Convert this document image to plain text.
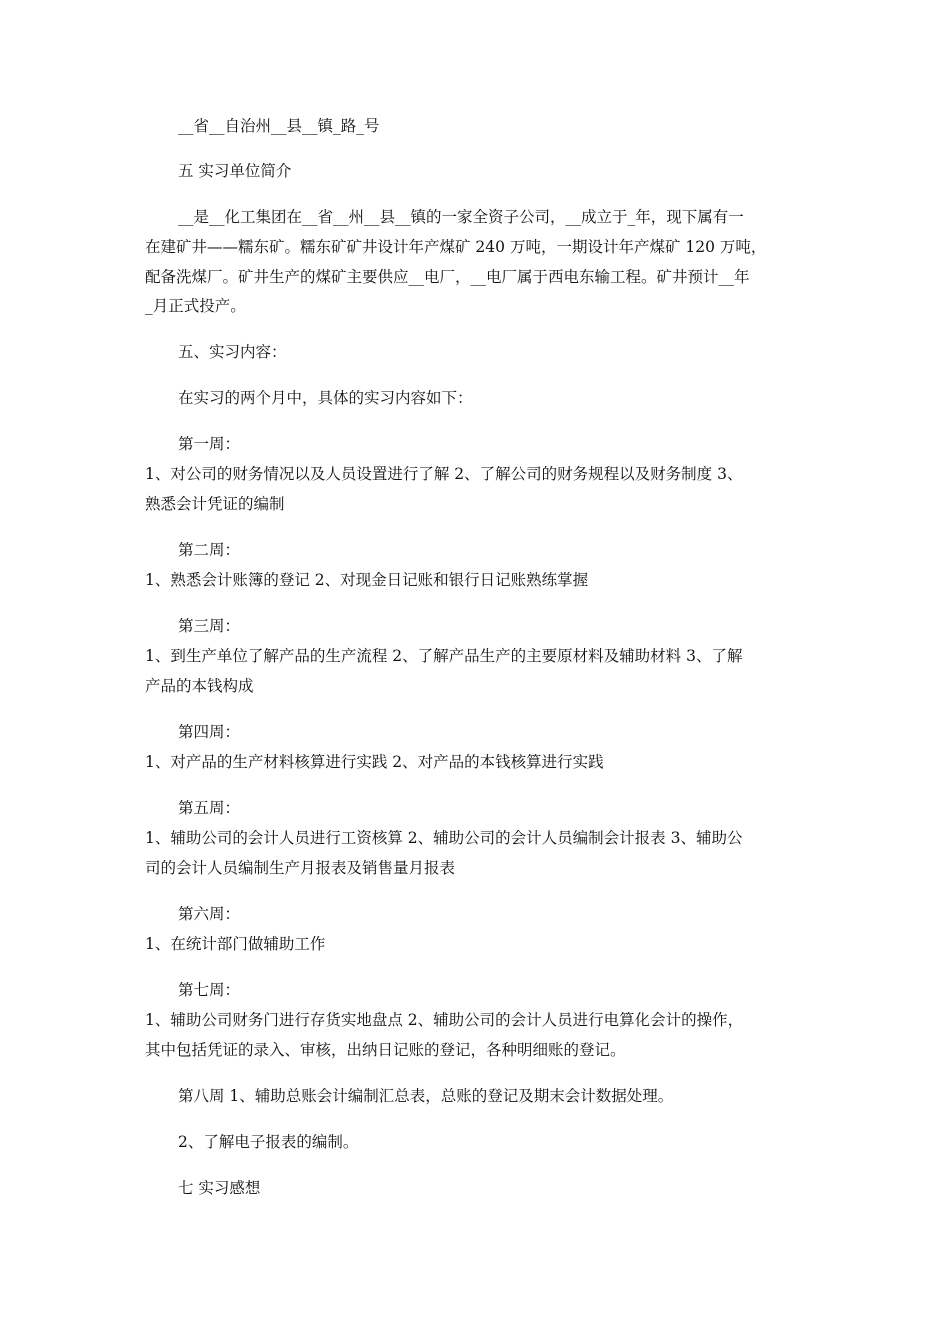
__省__自治州__县__镇_路_号
五 实习单位简介
__是__化工集团在__省__州__县__镇的一家全资子公司，__成立于_年，现下属有一
在建矿井——糯东矿。糯东矿矿井设计年产煤矿 240 万吨，一期设计年产煤矿 120 万吨，
配备洗煤厂。矿井生产的煤矿主要供应__电厂，__电厂属于西电东输工程。矿井预计__年
_月正式投产。
五、实习内容：
在实习的两个月中，具体的实习内容如下：
第一周：
1、对公司的财务情况以及人员设置进行了解 2、了解公司的财务规程以及财务制度 3、
熟悉会计凭证的编制
第二周：
1、熟悉会计账簿的登记 2、对现金日记账和银行日记账熟练掌握
第三周：
1、到生产单位了解产品的生产流程 2、了解产品生产的主要原材料及辅助材料 3、了解
产品的本钱构成
第四周：
1、对产品的生产材料核算进行实践 2、对产品的本钱核算进行实践
第五周：
1、辅助公司的会计人员进行工资核算 2、辅助公司的会计人员编制会计报表 3、辅助公
司的会计人员编制生产月报表及销售量月报表
第六周：
1、在统计部门做辅助工作
第七周：
1、辅助公司财务门进行存货实地盘点 2、辅助公司的会计人员进行电算化会计的操作，
其中包括凭证的录入、审核，出纳日记账的登记，各种明细账的登记。
第八周 1、辅助总账会计编制汇总表，总账的登记及期末会计数据处理。
2、了解电子报表的编制。
七 实习感想
